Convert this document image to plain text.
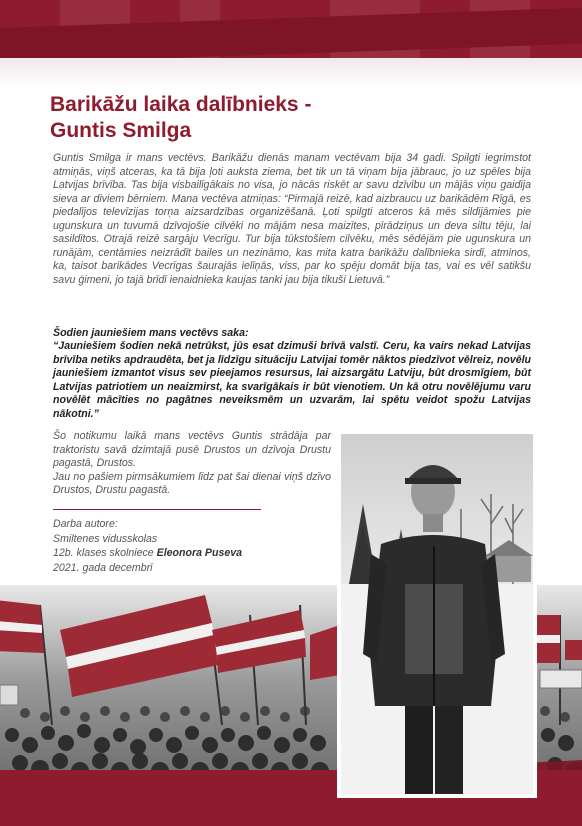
Barikāžu laika dalībnieks -
Guntis Smilga

Guntis Smilga ir mans vectēvs. Barikāžu dienās manam vectēvam bija 34 gadi. Spilgti iegrimstot atmiņās, viņš atceras, ka tā bija ļoti auksta ziema, bet tik un tā viņam bija jābrauc, jo uz spēles bija Latvijas brīvība. Tas bija visbailīgākais no visa, jo nācās riskēt ar savu dzīvību un mājās viņu gaidīja sieva ar diviem bērniem. Mana vectēva atmiņas: “Pirmajā reizē, kad aizbraucu uz barikādēm Rīgā, es piedalījos televīzijas torņa aizsardzības organizēšanā. Ļoti spilgti atceros kā mēs sildījāmies pie ugunskura un tuvumā dzīvojošie cilvēki no mājām nesa maizītes, pīrādziņus un deva siltu tēju, lai sasildītos. Otrajā reizē sargāju Vecrīgu. Tur bija tūkstošiem cilvēku, mēs sēdējām pie ugunskura un runājām, centāmies neizrādīt bailes un nezināmo, kas mita katra barikāžu dalībnieka sirdī, atminos, ka, taisot barikādes Vecrīgas šaurajās ielīņās, viss, par ko spēju domāt bija tas, vai es vēl satikšu savu ģimeni, jo tajā brīdī ienaidnieka kaujas tanki jau bija tikuši Lietuvā.”

Šodien jauniešiem mans vectēvs saka:

“Jauniešiem šodien nekā netrūkst, jūs esat dzimuši brīvā valstī. Ceru, ka vairs nekad Latvijas brīvība netiks apdraudēta, bet ja līdzīgu situāciju Latvijai tomēr nāktos piedzīvot vēlreiz, novēlu jauniešiem izmantot visus sev pieejamos resursus, lai aizsargātu Latviju, būt drosmīgiem, būt Latvijas patriotiem un neaizmirst, ka svarīgākais ir būt vienotiem. Un kā otru novēlējumu varu novēlēt mācīties no pagātnes neveiksmēm un uzvarām, lai spētu veidot spožu Latvijas nākotni.”

Šo notikumu laikā mans vectēvs Guntis strādāja par traktoristu savā dzimtajā pusē Drustos un dzīvoja Drustu pagastā, Drustos.
Jau no pašiem pirmsākumiem līdz pat šai dienai viņš dzīvo Drustos, Drustu pagastā.
Darba autore:
Smiltenes vidusskolas
12b. klases skolniece Eleonora Puseva
2021. gada decembrī
